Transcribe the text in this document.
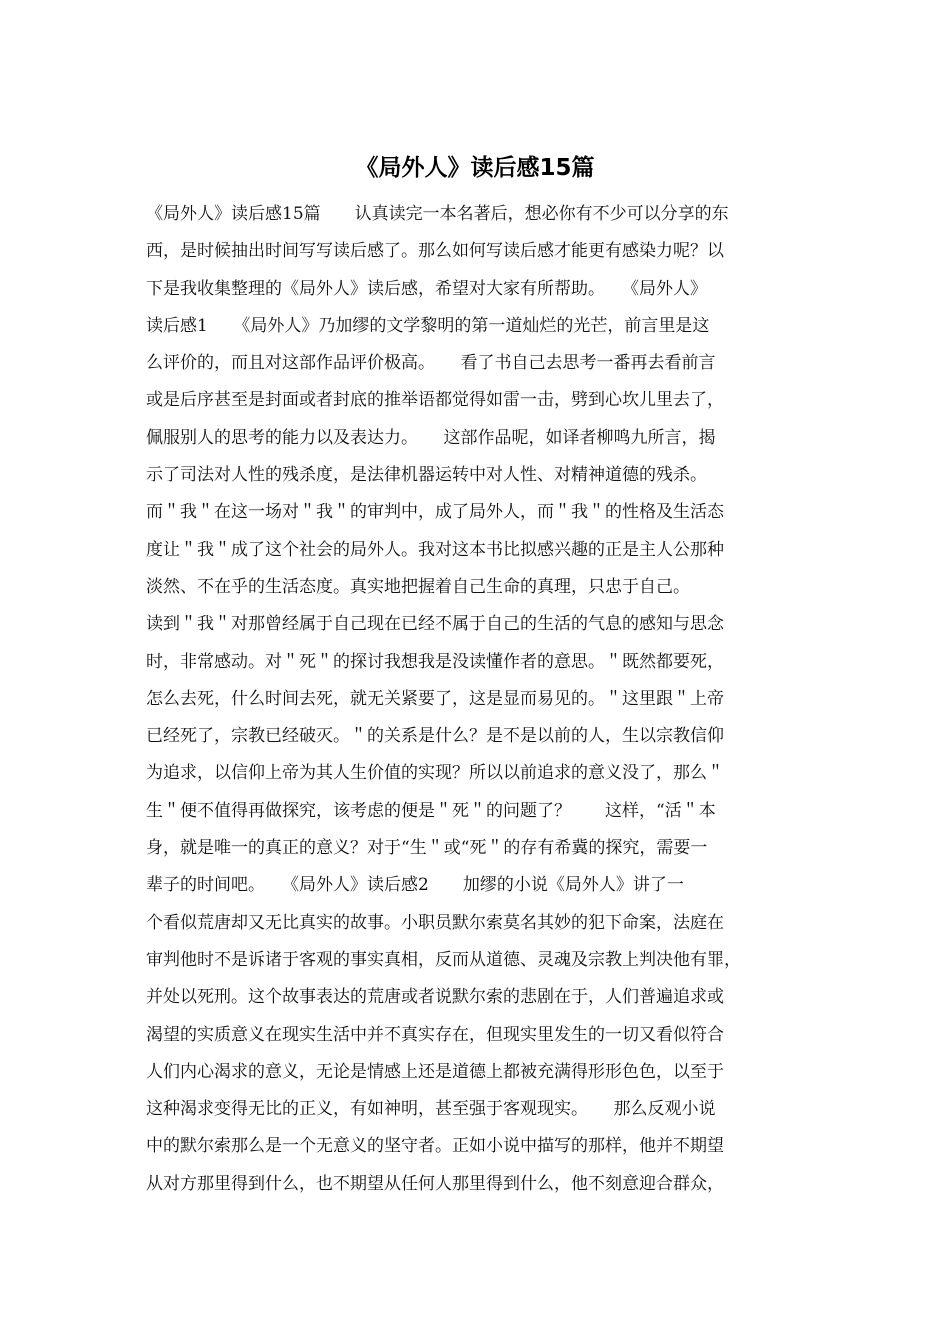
《局外人》读后感15篇
《局外人》读后感15篇　　认真读完一本名著后，想必你有不少可以分享的东
西，是时候抽出时间写写读后感了。那么如何写读后感才能更有感染力呢？以
下是我收集整理的《局外人》读后感，希望对大家有所帮助。　　《局外人》
读后感1　　《局外人》乃加缪的文学黎明的第一道灿烂的光芒，前言里是这
么评价的，而且对这部作品评价极高。　　看了书自己去思考一番再去看前言
或是后序甚至是封面或者封底的推举语都觉得如雷一击，劈到心坎儿里去了，
佩服别人的思考的能力以及表达力。　　这部作品呢，如译者柳鸣九所言，揭
示了司法对人性的残杀度，是法律机器运转中对人性、对精神道德的残杀。
而＂我＂在这一场对＂我＂的审判中，成了局外人，而＂我＂的性格及生活态
度让＂我＂成了这个社会的局外人。我对这本书比拟感兴趣的正是主人公那种
淡然、不在乎的生活态度。真实地把握着自己生命的真理，只忠于自己。
读到＂我＂对那曾经属于自己现在已经不属于自己的生活的气息的感知与思念
时，非常感动。对＂死＂的探讨我想我是没读懂作者的意思。＂既然都要死，
怎么去死，什么时间去死，就无关紧要了，这是显而易见的。＂这里跟＂上帝
已经死了，宗教已经破灭。＂的关系是什么？是不是以前的人，生以宗教信仰
为追求，以信仰上帝为其人生价值的实现？所以以前追求的意义没了，那么＂
生＂便不值得再做探究，该考虑的便是＂死＂的问题了？　　这样，“活＂本
身，就是唯一的真正的意义？对于“生＂或“死＂的存有希冀的探究，需要一
辈子的时间吧。　　《局外人》读后感2　　加缪的小说《局外人》讲了一
个看似荒唐却又无比真实的故事。小职员默尔索莫名其妙的犯下命案，法庭在
审判他时不是诉诸于客观的事实真相，反而从道德、灵魂及宗教上判决他有罪，
并处以死刑。这个故事表达的荒唐或者说默尔索的悲剧在于，人们普遍追求或
渴望的实质意义在现实生活中并不真实存在，但现实里发生的一切又看似符合
人们内心渴求的意义，无论是情感上还是道德上都被充满得形形色色，以至于
这种渴求变得无比的正义，有如神明，甚至强于客观现实。　　那么反观小说
中的默尔索那么是一个无意义的坚守者。正如小说中描写的那样，他并不期望
从对方那里得到什么，也不期望从任何人那里得到什么，他不刻意迎合群众，
